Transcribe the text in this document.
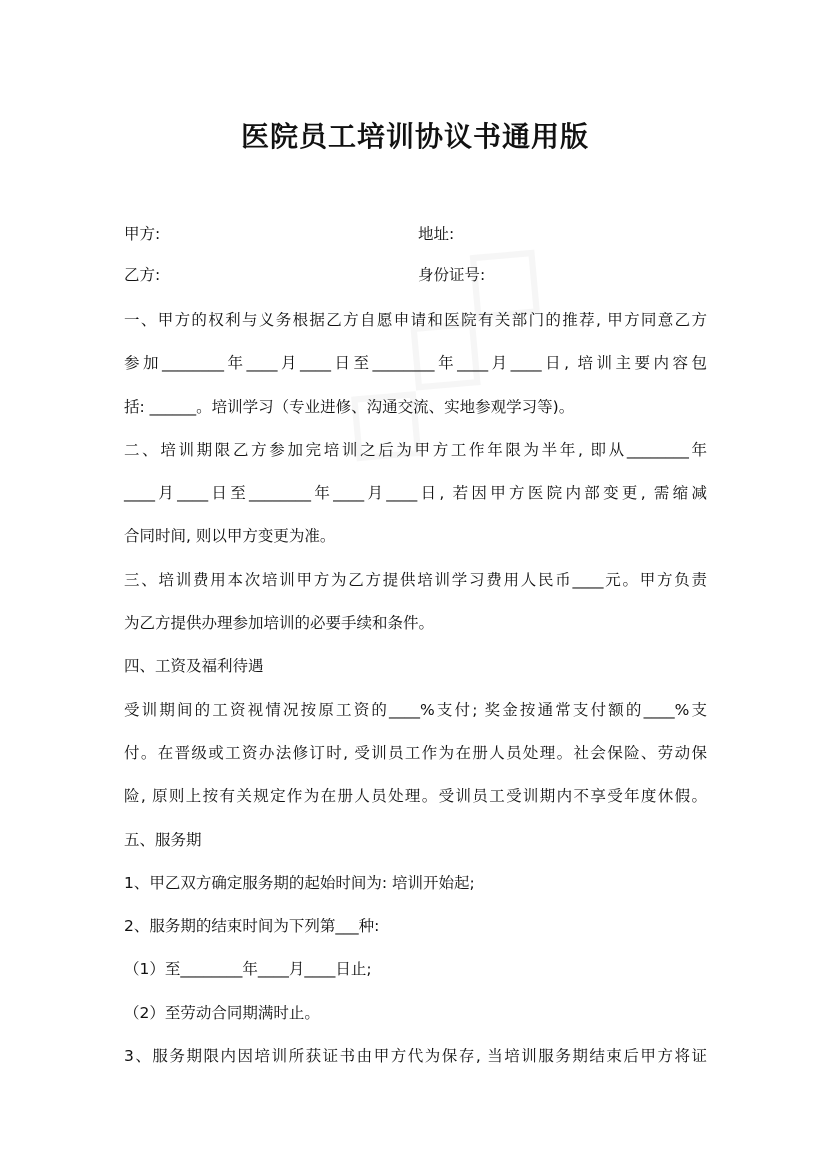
医院员工培训协议书通用版
甲方:	地址:
乙方:	身份证号:
一、甲方的权利与义务根据乙方自愿申请和医院有关部门的推荐, 甲方同意乙方
参加________年____月____日至________年____月____日, 培训主要内容包
括: ______。培训学习（专业进修、沟通交流、实地参观学习等)。
二、培训期限乙方参加完培训之后为甲方工作年限为半年, 即从________年
____月____日至________年____月____日, 若因甲方医院内部变更, 需缩减
合同时间, 则以甲方变更为准。
三、培训费用本次培训甲方为乙方提供培训学习费用人民币____元。甲方负责
为乙方提供办理参加培训的必要手续和条件。
四、工资及福利待遇
受训期间的工资视情况按原工资的____%支付; 奖金按通常支付额的____%支
付。在晋级或工资办法修订时, 受训员工作为在册人员处理。社会保险、劳动保
险, 原则上按有关规定作为在册人员处理。受训员工受训期内不享受年度休假。
五、服务期
1、甲乙双方确定服务期的起始时间为: 培训开始起;
2、服务期的结束时间为下列第___种:
（1）至________年____月____日止;
（2）至劳动合同期满时止。
3、服务期限内因培训所获证书由甲方代为保存, 当培训服务期结束后甲方将证
